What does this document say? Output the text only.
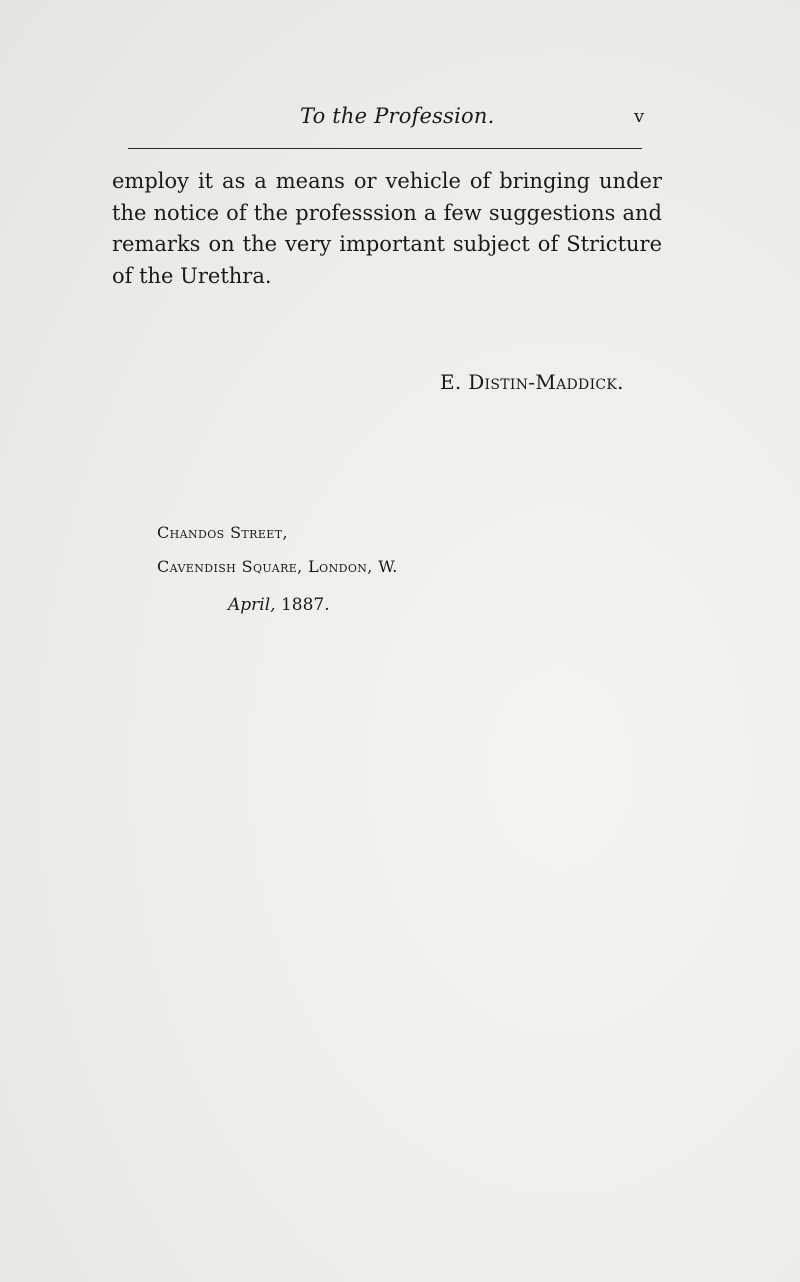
To the Profession.	v

employ it as a means or vehicle of bringing under the notice of the professsion a few suggestions and remarks on the very important subject of Stricture of the Urethra.

E. Distin-Maddick.
Chandos Street,
Cavendish Square, London, W.
April, 1887.
